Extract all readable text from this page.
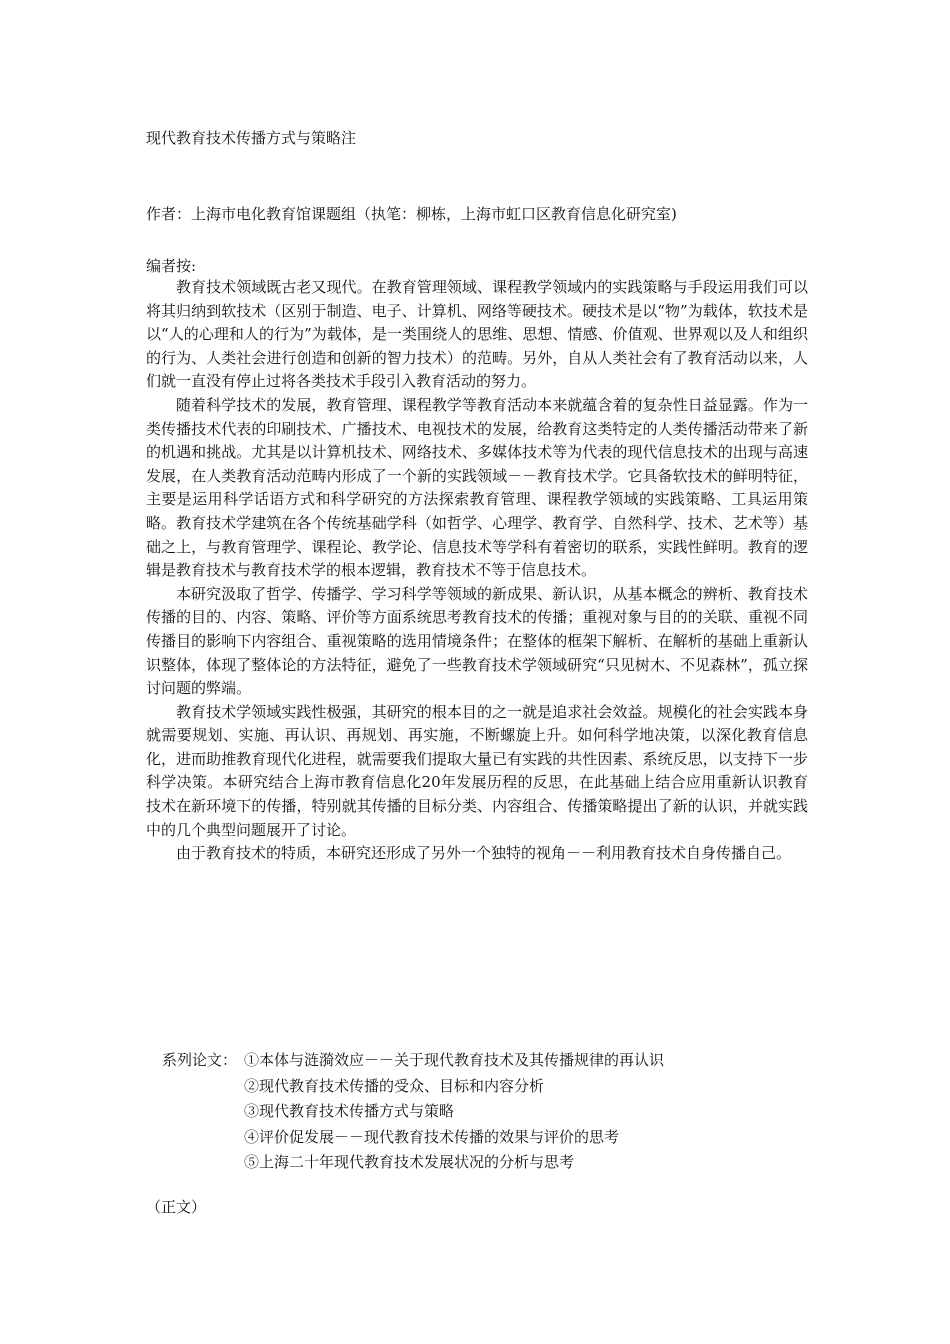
现代教育技术传播方式与策略注
作者：上海市电化教育馆课题组（执笔：柳栋，上海市虹口区教育信息化研究室)
编者按:

教育技术领域既古老又现代。在教育管理领域、课程教学领域内的实践策略与手段运用我们可以将其归纳到软技术（区别于制造、电子、计算机、网络等硬技术。硬技术是以“物”为载体，软技术是以“人的心理和人的行为”为载体，是一类围绕人的思维、思想、情感、价值观、世界观以及人和组织的行为、人类社会进行创造和创新的智力技术）的范畴。另外，自从人类社会有了教育活动以来，人们就一直没有停止过将各类技术手段引入教育活动的努力。

随着科学技术的发展，教育管理、课程教学等教育活动本来就蕴含着的复杂性日益显露。作为一类传播技术代表的印刷技术、广播技术、电视技术的发展，给教育这类特定的人类传播活动带来了新的机遇和挑战。尤其是以计算机技术、网络技术、多媒体技术等为代表的现代信息技术的出现与高速发展，在人类教育活动范畴内形成了一个新的实践领域－－教育技术学。它具备软技术的鲜明特征，主要是运用科学话语方式和科学研究的方法探索教育管理、课程教学领域的实践策略、工具运用策略。教育技术学建筑在各个传统基础学科（如哲学、心理学、教育学、自然科学、技术、艺术等）基础之上，与教育管理学、课程论、教学论、信息技术等学科有着密切的联系，实践性鲜明。教育的逻辑是教育技术与教育技术学的根本逻辑，教育技术不等于信息技术。

本研究汲取了哲学、传播学、学习科学等领域的新成果、新认识，从基本概念的辨析、教育技术传播的目的、内容、策略、评价等方面系统思考教育技术的传播；重视对象与目的的关联、重视不同传播目的影响下内容组合、重视策略的选用情境条件；在整体的框架下解析、在解析的基础上重新认识整体，体现了整体论的方法特征，避免了一些教育技术学领域研究“只见树木、不见森林”，孤立探讨问题的弊端。

教育技术学领域实践性极强，其研究的根本目的之一就是追求社会效益。规模化的社会实践本身就需要规划、实施、再认识、再规划、再实施，不断螺旋上升。如何科学地决策，以深化教育信息化，进而助推教育现代化进程，就需要我们提取大量已有实践的共性因素、系统反思，以支持下一步科学决策。本研究结合上海市教育信息化20年发展历程的反思，在此基础上结合应用重新认识教育技术在新环境下的传播，特别就其传播的目标分类、内容组合、传播策略提出了新的认识，并就实践中的几个典型问题展开了讨论。

由于教育技术的特质，本研究还形成了另外一个独特的视角－－利用教育技术自身传播自己。

系列论文： ①本体与涟漪效应－－关于现代教育技术及其传播规律的再认识
②现代教育技术传播的受众、目标和内容分析
③现代教育技术传播方式与策略
④评价促发展－－现代教育技术传播的效果与评价的思考
⑤上海二十年现代教育技术发展状况的分析与思考
（正文）
